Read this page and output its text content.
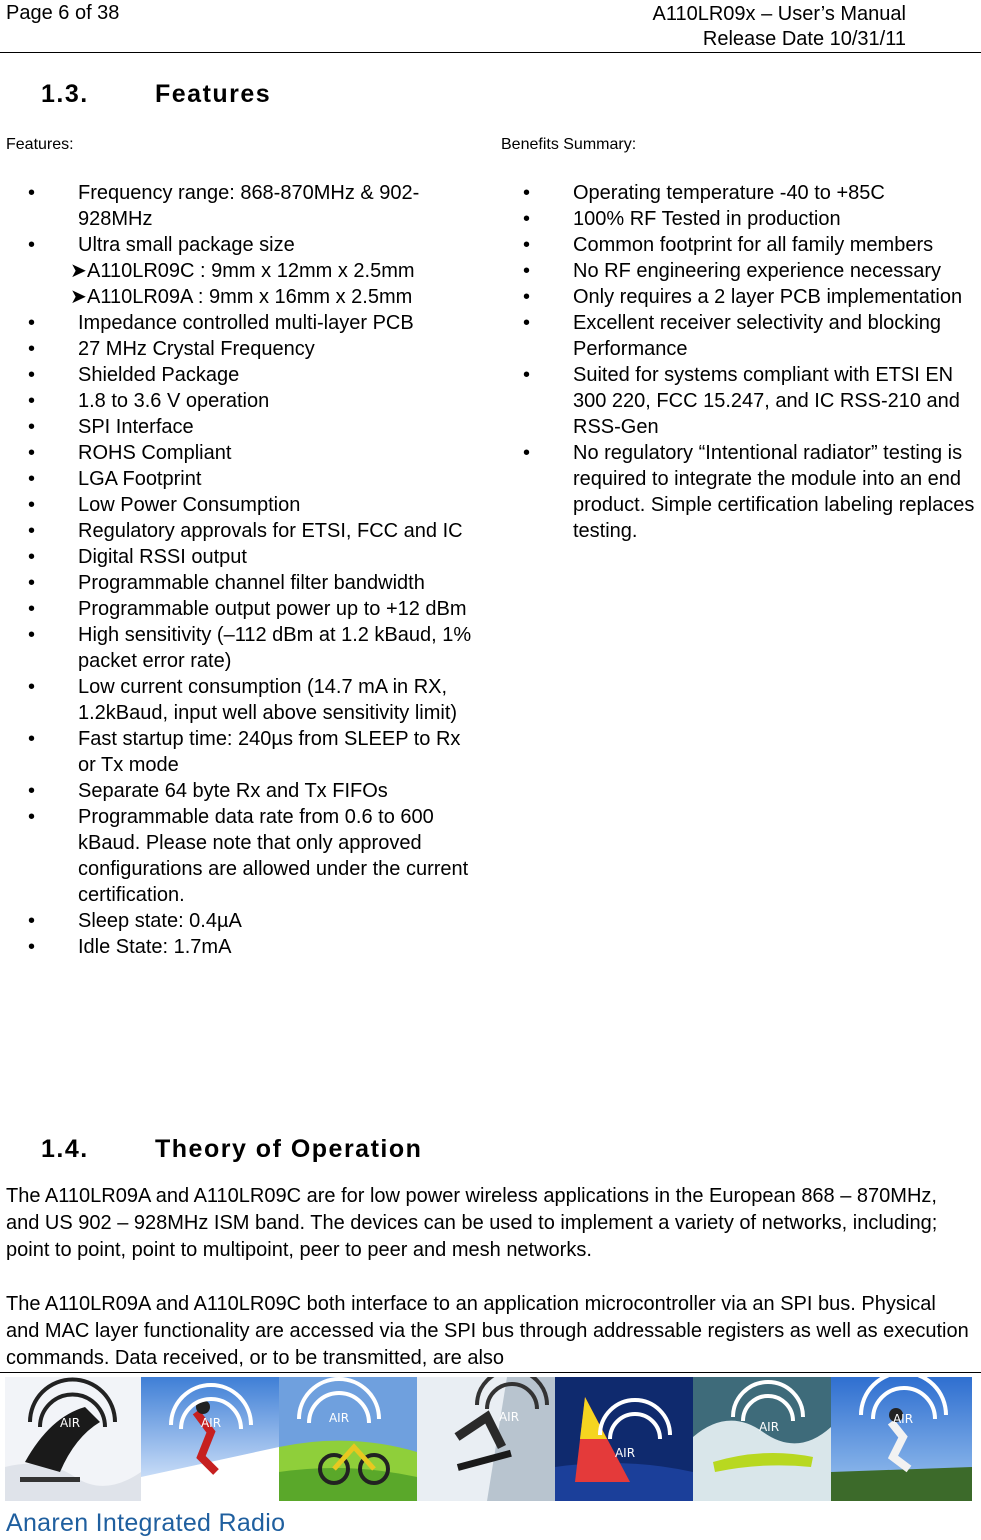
Page 6 of 38	A110LR09x – User’s Manual
Release Date 10/31/11
1.3.	Features
Features:	Benefits Summary:
• Frequency range: 868-870MHz & 902-928MHz
• Ultra small package size
➤A110LR09C : 9mm x 12mm x 2.5mm
➤A110LR09A : 9mm x 16mm x 2.5mm
• Impedance controlled multi-layer PCB
• 27 MHz Crystal Frequency
• Shielded Package
• 1.8 to 3.6 V operation
• SPI Interface
• ROHS Compliant
• LGA Footprint
• Low Power Consumption
• Regulatory approvals for ETSI, FCC and IC
• Digital RSSI output
• Programmable channel filter bandwidth
• Programmable output power up to +12 dBm
• High sensitivity (–112 dBm at 1.2 kBaud, 1% packet error rate)
• Low current consumption (14.7 mA in RX, 1.2kBaud, input well above sensitivity limit)
• Fast startup time: 240µs from SLEEP to Rx or Tx mode
• Separate 64 byte Rx and Tx FIFOs
• Programmable data rate from 0.6 to 600 kBaud. Please note that only approved configurations are allowed under the current certification.
• Sleep state: 0.4µA
• Idle State: 1.7mA
• Operating temperature -40 to +85C
• 100% RF Tested in production
• Common footprint for all family members
• No RF engineering experience necessary
• Only requires a 2 layer PCB implementation
• Excellent receiver selectivity and blocking Performance
• Suited for systems compliant with ETSI EN 300 220, FCC 15.247, and IC RSS-210 and RSS-Gen
• No regulatory “Intentional radiator” testing is required to integrate the module into an end product. Simple certification labeling replaces testing.
1.4.	Theory of Operation

The A110LR09A and A110LR09C are for low power wireless applications in the European 868 – 870MHz, and US 902 – 928MHz ISM band. The devices can be used to implement a variety of networks, including; point to point, point to multipoint, peer to peer and mesh networks.

The A110LR09A and A110LR09C both interface to an application microcontroller via an SPI bus. Physical and MAC layer functionality are accessed via the SPI bus through addressable registers as well as execution commands. Data received, or to be transmitted, are also

AIR	AIR	AIR	AIR
AIR
AIR
AIR
Anaren Integrated Radio
